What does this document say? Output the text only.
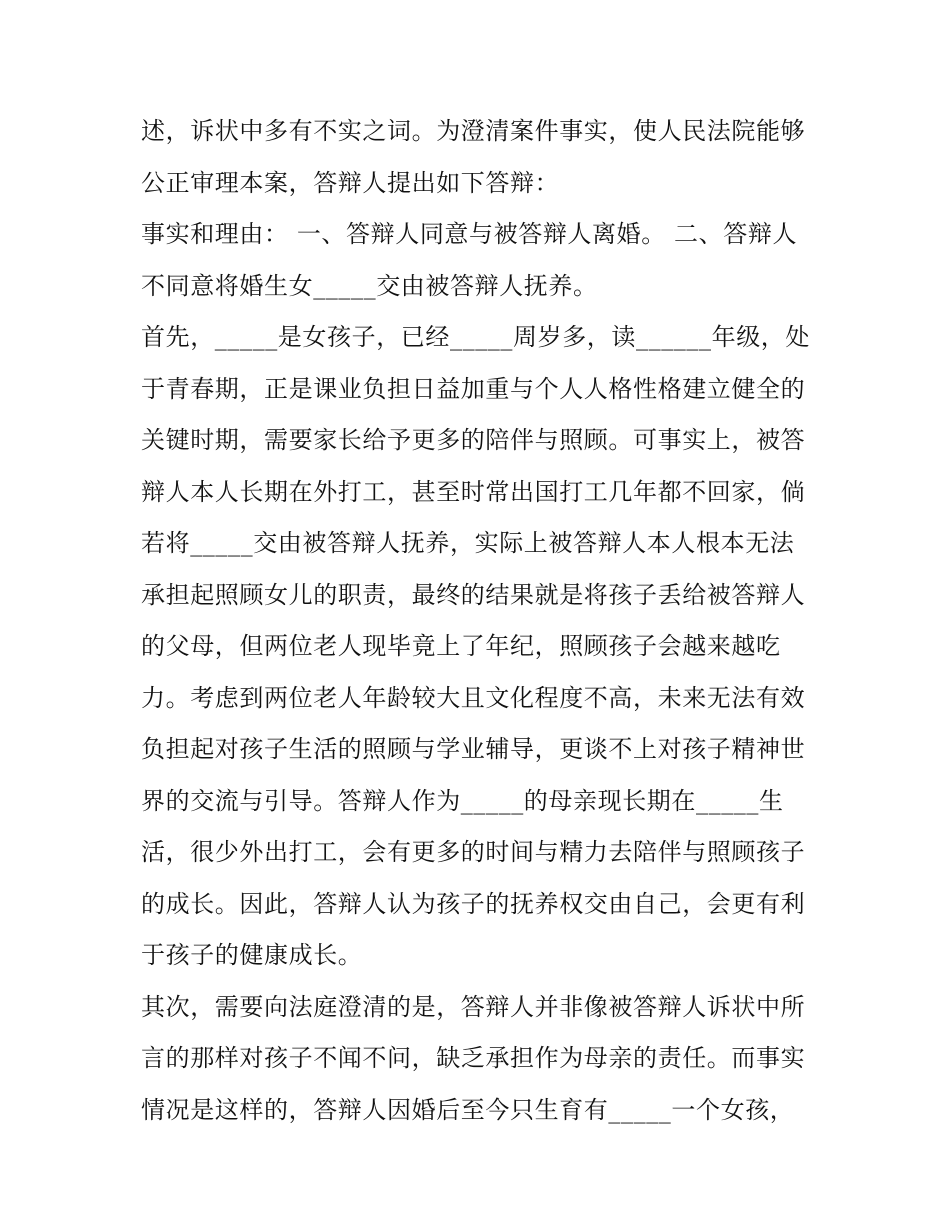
述，诉状中多有不实之词。为澄清案件事实，使人民法院能够
公正审理本案，答辩人提出如下答辩：
事实和理由： 一、答辩人同意与被答辩人离婚。 二、答辩人
不同意将婚生女_____交由被答辩人抚养。
首先，_____是女孩子，已经_____周岁多，读______年级，处
于青春期，正是课业负担日益加重与个人人格性格建立健全的
关键时期，需要家长给予更多的陪伴与照顾。可事实上，被答
辩人本人长期在外打工，甚至时常出国打工几年都不回家，倘
若将_____交由被答辩人抚养，实际上被答辩人本人根本无法
承担起照顾女儿的职责，最终的结果就是将孩子丢给被答辩人
的父母，但两位老人现毕竟上了年纪，照顾孩子会越来越吃
力。考虑到两位老人年龄较大且文化程度不高，未来无法有效
负担起对孩子生活的照顾与学业辅导，更谈不上对孩子精神世
界的交流与引导。答辩人作为_____的母亲现长期在_____生
活，很少外出打工，会有更多的时间与精力去陪伴与照顾孩子
的成长。因此，答辩人认为孩子的抚养权交由自己，会更有利
于孩子的健康成长。
其次，需要向法庭澄清的是，答辩人并非像被答辩人诉状中所
言的那样对孩子不闻不问，缺乏承担作为母亲的责任。而事实
情况是这样的，答辩人因婚后至今只生育有_____一个女孩，
